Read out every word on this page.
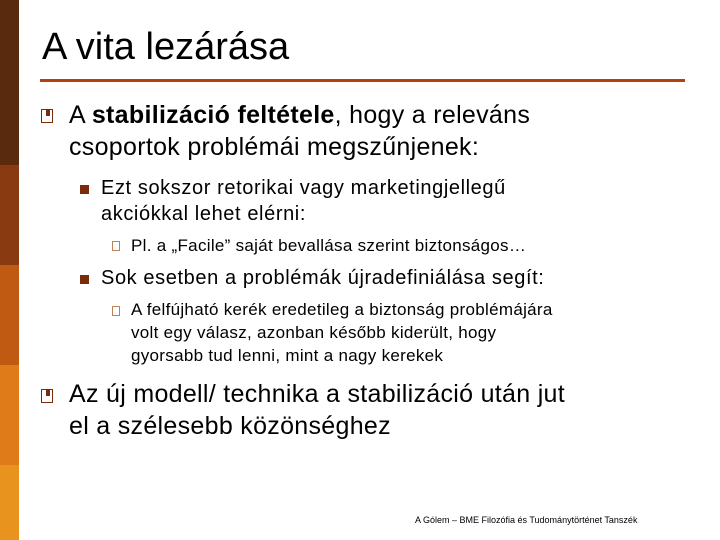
A vita lezárása
A stabilizáció feltétele, hogy a releváns
csoportok problémái megszűnjenek:
Ezt sokszor retorikai vagy marketingjellegű
akciókkal lehet elérni:
Pl. a „Facile” saját bevallása szerint biztonságos…
Sok esetben a problémák újradefiniálása segít:
A felfújható kerék eredetileg a biztonság problémájára
volt egy válasz, azonban később kiderült, hogy
gyorsabb tud lenni, mint a nagy kerekek
Az új modell/ technika a stabilizáció után jut
el a szélesebb közönséghez
A Gólem – BME Filozófia és Tudománytörténet Tanszék
